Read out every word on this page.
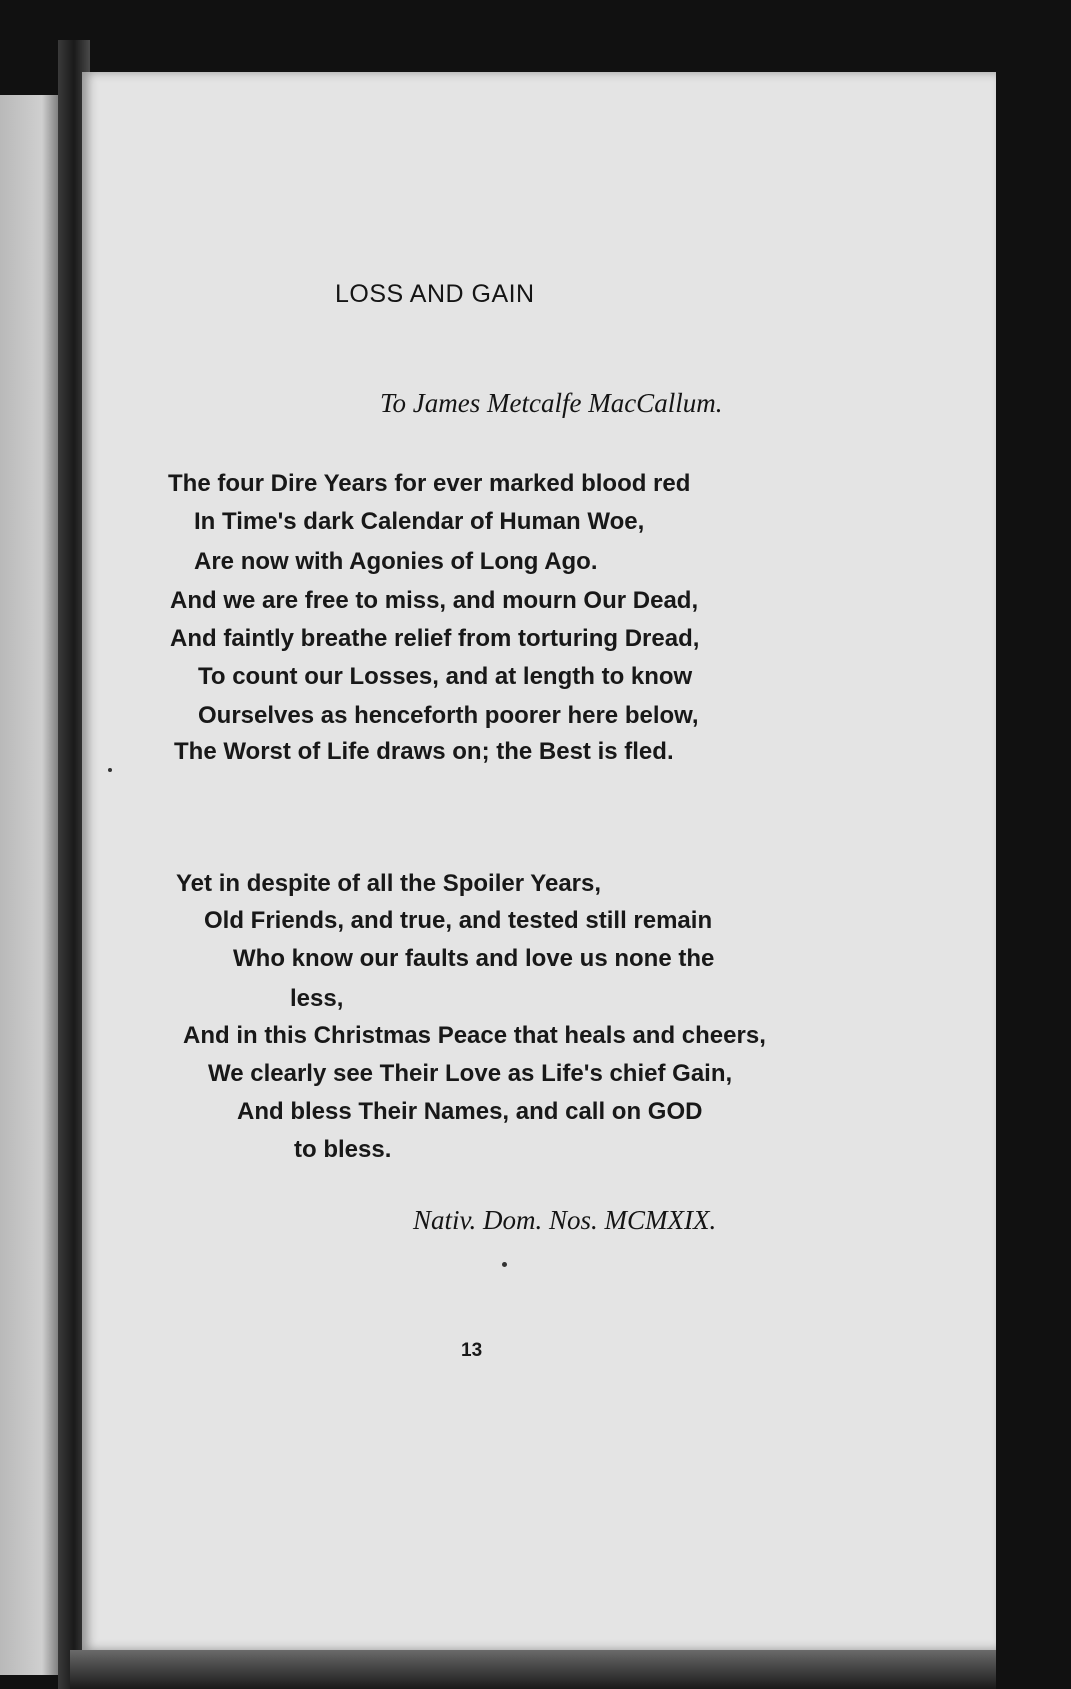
LOSS AND GAIN
To James Metcalfe MacCallum.
The four Dire Years for ever marked blood red
In Time's dark Calendar of Human Woe,
Are now with Agonies of Long Ago.
And we are free to miss, and mourn Our Dead,
And faintly breathe relief from torturing Dread,
To count our Losses, and at length to know
Ourselves as henceforth poorer here below,
The Worst of Life draws on; the Best is fled.
Yet in despite of all the Spoiler Years,
Old Friends, and true, and tested still remain
Who know our faults and love us none the
less,
And in this Christmas Peace that heals and cheers,
We clearly see Their Love as Life's chief Gain,
And bless Their Names, and call on GOD
to bless.
Nativ. Dom. Nos. MCMXIX.
13
